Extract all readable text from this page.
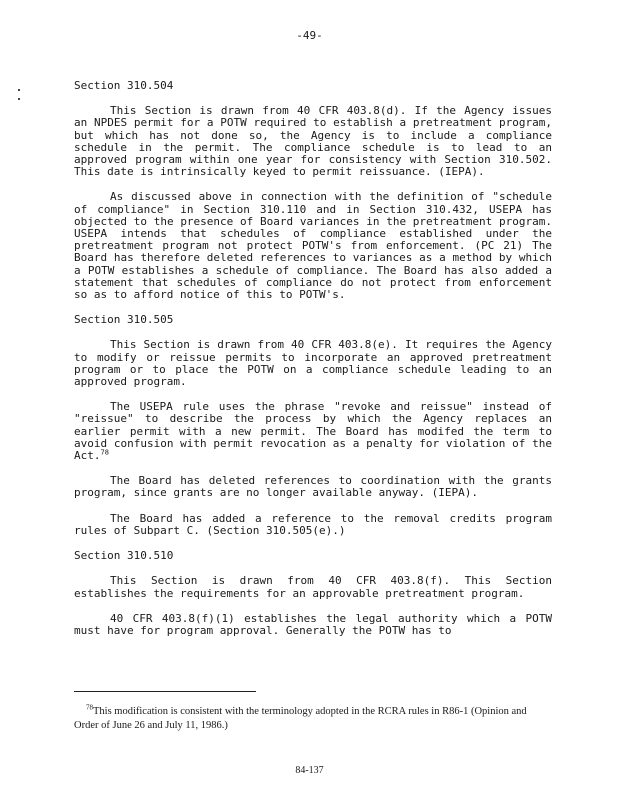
-49-
Section 310.504

This Section is drawn from 40 CFR 403.8(d). If the Agency issues an NPDES permit for a POTW required to establish a pretreatment program, but which has not done so, the Agency is to include a compliance schedule in the permit. The compliance schedule is to lead to an approved program within one year for consistency with Section 310.502. This date is intrinsically keyed to permit reissuance. (IEPA).

As discussed above in connection with the definition of "schedule of compliance" in Section 310.110 and in Section 310.432, USEPA has objected to the presence of Board variances in the pretreatment program. USEPA intends that schedules of compliance established under the pretreatment program not protect POTW's from enforcement. (PC 21) The Board has therefore deleted references to variances as a method by which a POTW establishes a schedule of compliance. The Board has also added a statement that schedules of compliance do not protect from enforcement so as to afford notice of this to POTW's.

Section 310.505

This Section is drawn from 40 CFR 403.8(e). It requires the Agency to modify or reissue permits to incorporate an approved pretreatment program or to place the POTW on a compliance schedule leading to an approved program.

The USEPA rule uses the phrase "revoke and reissue" instead of "reissue" to describe the process by which the Agency replaces an earlier permit with a new permit. The Board has modifed the term to avoid confusion with permit revocation as a penalty for violation of the Act.$^{78}$

The Board has deleted references to coordination with the grants program, since grants are no longer available anyway. (IEPA).

The Board has added a reference to the removal credits program rules of Subpart C. (Section 310.505(e).)

Section 310.510

This Section is drawn from 40 CFR 403.8(f). This Section establishes the requirements for an approvable pretreatment program.

40 CFR 403.8(f)(1) establishes the legal authority which a POTW must have for program approval. Generally the POTW has to

$^{78}$This modification is consistent with the terminology adopted in the RCRA rules in R86-1 (Opinion and Order of June 26 and July 11, 1986.)
84-137
